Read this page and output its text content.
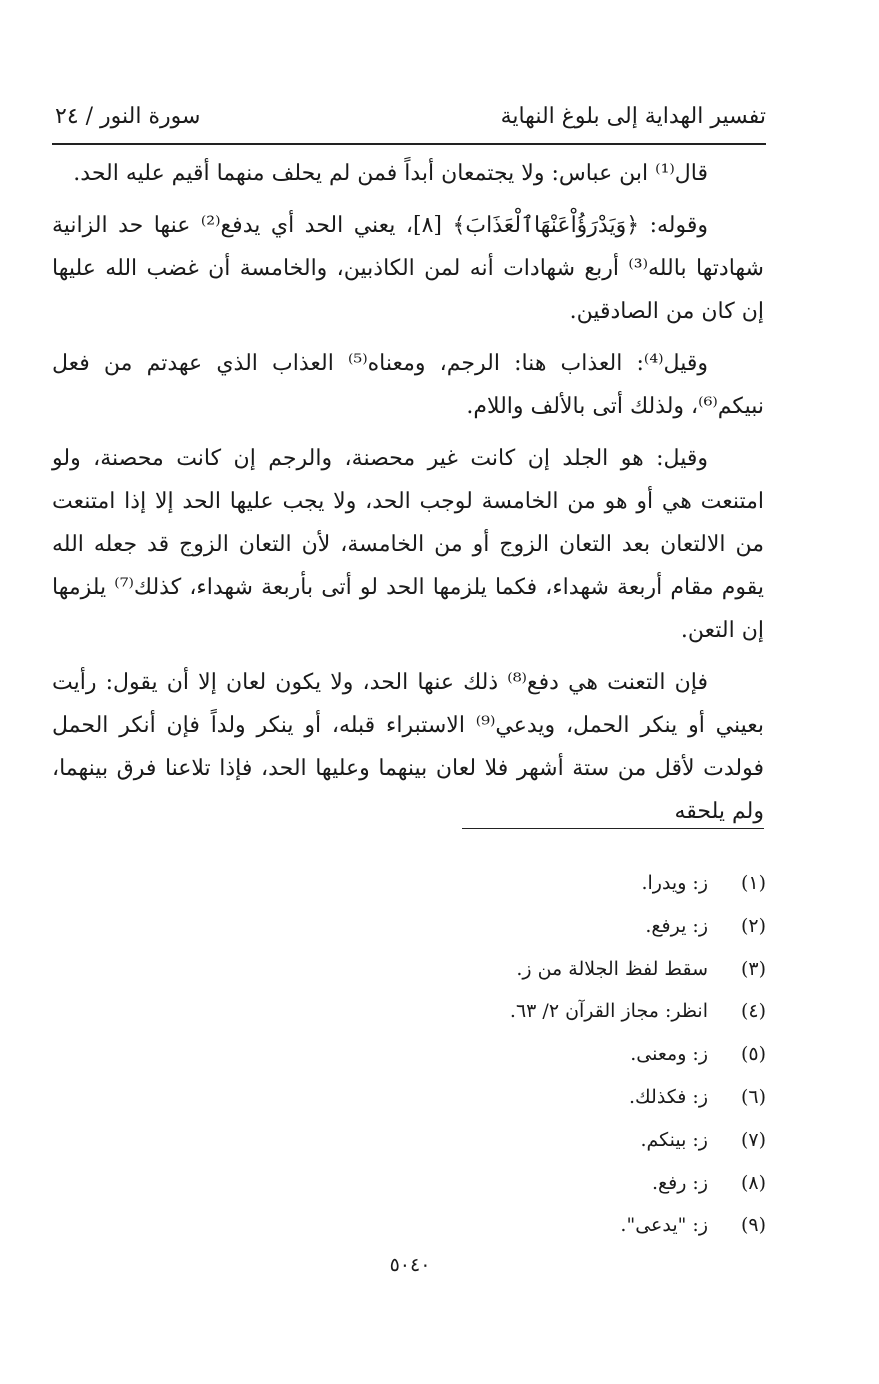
تفسير الهداية إلى بلوغ النهاية
سورة النور / ٢٤

قال⁽¹⁾ ابن عباس: ولا يجتمعان أبداً فمن لم يحلف منهما أقيم عليه الحد.

وقوله: ﴿وَيَدْرَؤُاْعَنْهَاٱلْعَذَابَ﴾ [٨]، يعني الحد أي يدفع⁽²⁾ عنها حد الزانية شهادتها بالله⁽³⁾ أربع شهادات أنه لمن الكاذبين، والخامسة أن غضب الله عليها إن كان من الصادقين.

وقيل⁽⁴⁾: العذاب هنا: الرجم، ومعناه⁽⁵⁾ العذاب الذي عهدتم من فعل نبيكم⁽⁶⁾، ولذلك أتى بالألف واللام.

وقيل: هو الجلد إن كانت غير محصنة، والرجم إن كانت محصنة، ولو امتنعت هي أو هو من الخامسة لوجب الحد، ولا يجب عليها الحد إلا إذا امتنعت من الالتعان بعد التعان الزوج أو من الخامسة، لأن التعان الزوج قد جعله الله يقوم مقام أربعة شهداء، فكما يلزمها الحد لو أتى بأربعة شهداء، كذلك⁽⁷⁾ يلزمها إن التعن.

فإن التعنت هي دفع⁽⁸⁾ ذلك عنها الحد، ولا يكون لعان إلا أن يقول: رأيت بعيني أو ينكر الحمل، ويدعي⁽⁹⁾ الاستبراء قبله، أو ينكر ولداً فإن أنكر الحمل فولدت لأقل من ستة أشهر فلا لعان بينهما وعليها الحد، فإذا تلاعنا فرق بينهما، ولم يلحقه

(١)
ز: ويدرا.
(٢)
ز: يرفع.
(٣)
سقط لفظ الجلالة من ز.
(٤)
انظر: مجاز القرآن ٢/ ٦٣.
(٥)
ز: ومعنى.
(٦)
ز: فكذلك.
(٧)
ز: بينكم.
(٨)
ز: رفع.
(٩)
ز: "يدعى".
٥٠٤٠
